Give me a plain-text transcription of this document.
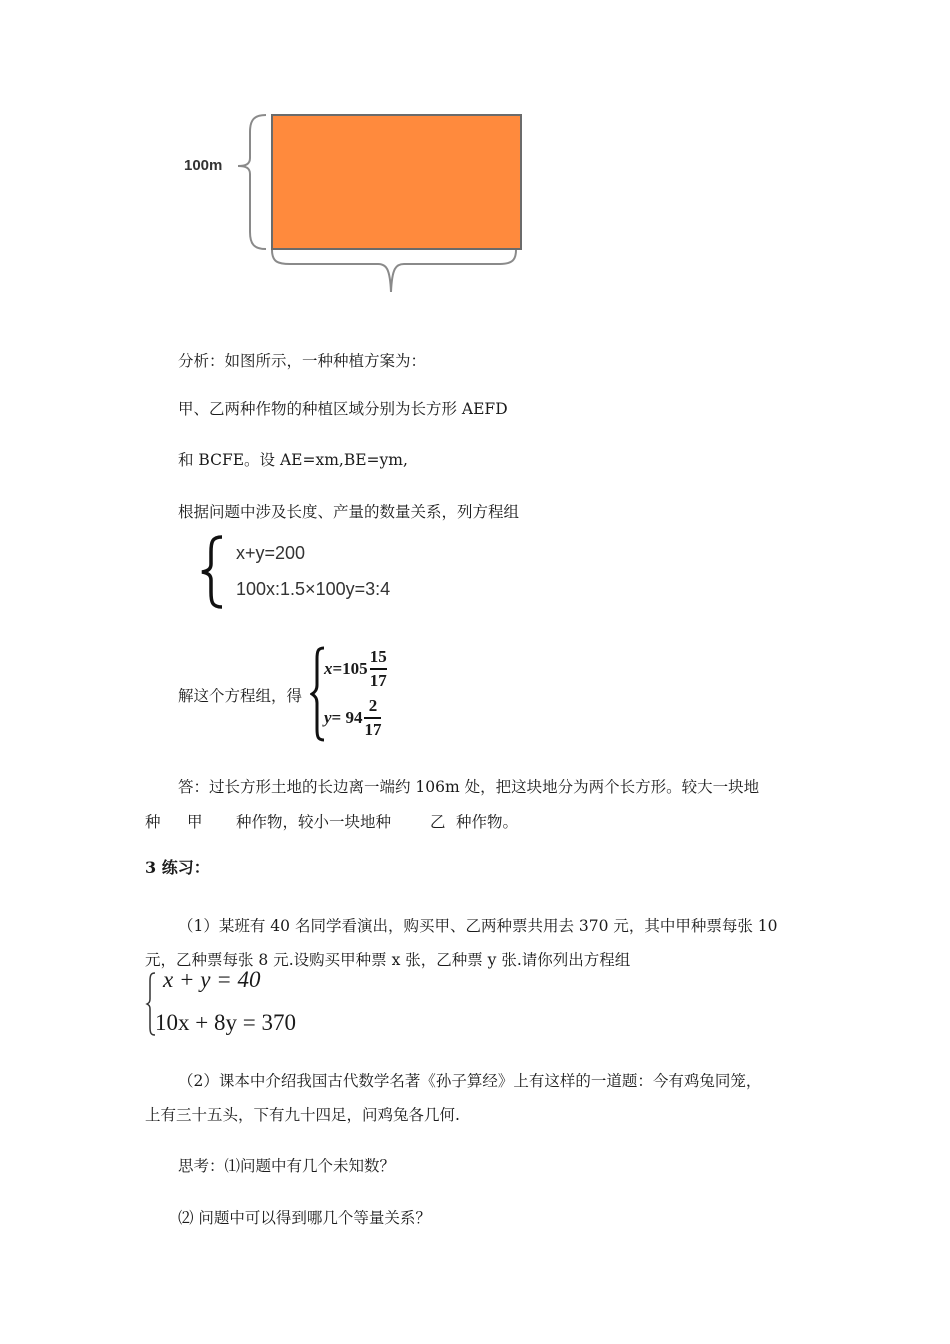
100m
分析：如图所示，一种种植方案为：
甲、乙两种作物的种植区域分别为长方形 AEFD
和 BCFE。设 AE=xm,BE=ym,
根据问题中涉及长度、产量的数量关系，列方程组
x+y=200
100x:1.5×100y=3:4
解这个方程组，得
$x =105 \frac{15}{17}$
$y = 94 \frac{2}{17}$
答：过长方形土地的长边离一端约 106m 处，把这块地分为两个长方形。较大一块地
种 甲 种作物，较小一块地种	乙 种作物。
3 练习：
（1）某班有 40 名同学看演出，购买甲、乙两种票共用去 370 元，其中甲种票每张 10
元，乙种票每张 8 元.设购买甲种票 x 张，乙种票 y 张.请你列出方程组
x + y = 40
10x + 8y = 370
（2）课本中介绍我国古代数学名著《孙子算经》上有这样的一道题：今有鸡兔同笼，
上有三十五头，下有九十四足，问鸡兔各几何.
思考：⑴问题中有几个未知数？
⑵ 问题中可以得到哪几个等量关系？
